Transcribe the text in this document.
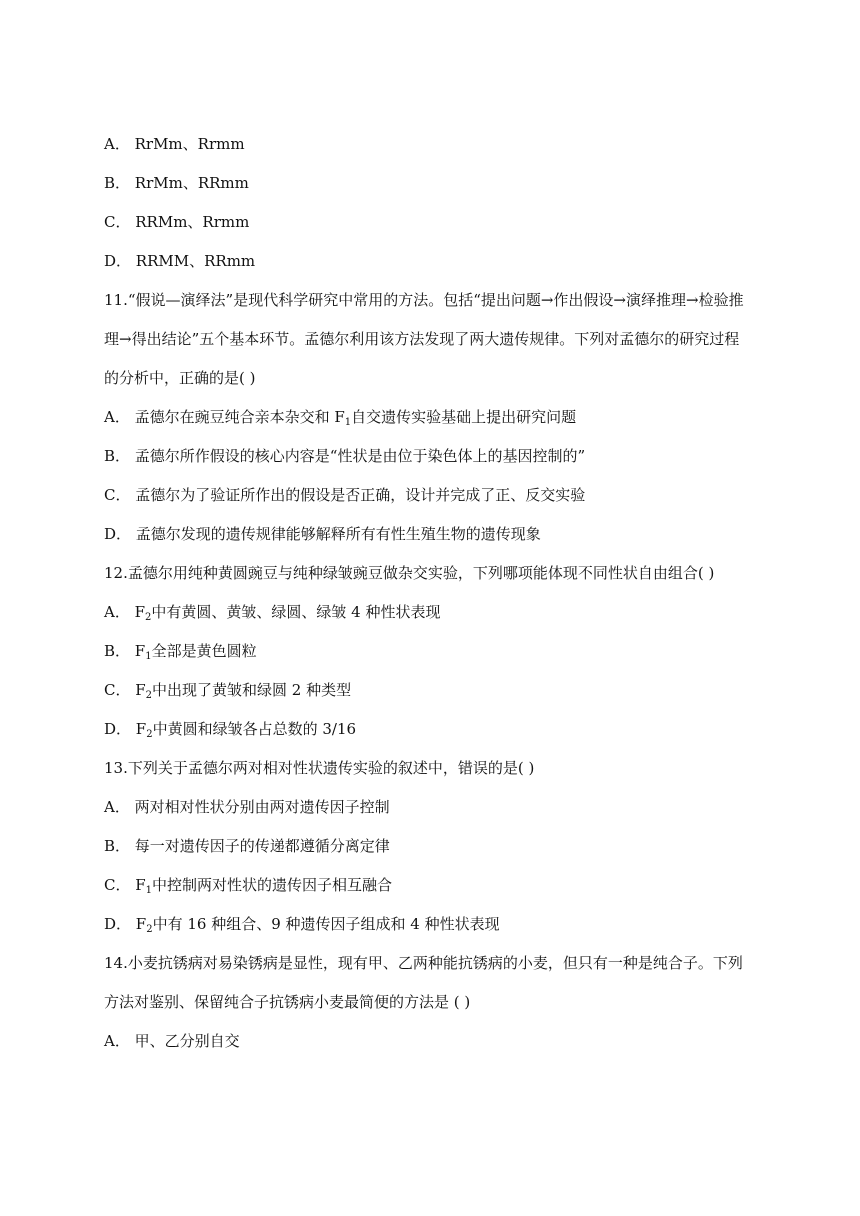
A． RrMm、Rrmm
B． RrMm、RRmm
C． RRMm、Rrmm
D． RRMM、RRmm
11.“假说—演绎法”是现代科学研究中常用的方法。包括“提出问题→作出假设→演绎推理→检验推
理→得出结论”五个基本环节。孟德尔利用该方法发现了两大遗传规律。下列对孟德尔的研究过程
的分析中，正确的是( )
A． 孟德尔在豌豆纯合亲本杂交和 $F_1$自交遗传实验基础上提出研究问题
B． 孟德尔所作假设的核心内容是“性状是由位于染色体上的基因控制的”
C． 孟德尔为了验证所作出的假设是否正确，设计并完成了正、反交实验
D． 孟德尔发现的遗传规律能够解释所有有性生殖生物的遗传现象
12.孟德尔用纯种黄圆豌豆与纯种绿皱豌豆做杂交实验，下列哪项能体现不同性状自由组合( )
A． $F_2$中有黄圆、黄皱、绿圆、绿皱 4 种性状表现
B． $F_1$全部是黄色圆粒
C． $F_2$中出现了黄皱和绿圆 2 种类型
D． $F_2$中黄圆和绿皱各占总数的 3/16
13.下列关于孟德尔两对相对性状遗传实验的叙述中，错误的是( )
A． 两对相对性状分别由两对遗传因子控制
B． 每一对遗传因子的传递都遵循分离定律
C． $F_1$中控制两对性状的遗传因子相互融合
D． $F_2$中有 16 种组合、9 种遗传因子组成和 4 种性状表现
14.小麦抗锈病对易染锈病是显性，现有甲、乙两种能抗锈病的小麦，但只有一种是纯合子。下列
方法对鉴别、保留纯合子抗锈病小麦最简便的方法是 ( )
A． 甲、乙分别自交
